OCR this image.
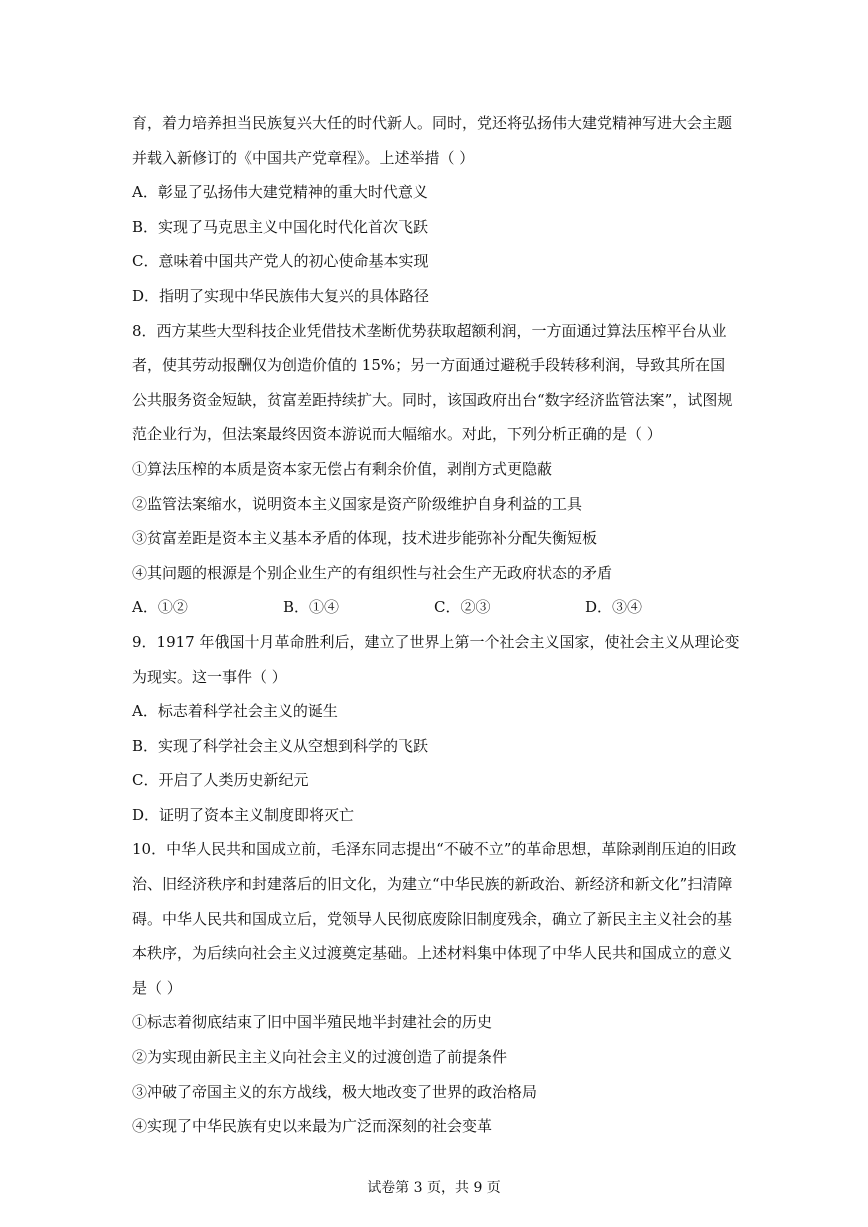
育，着力培养担当民族复兴大任的时代新人。同时，党还将弘扬伟大建党精神写进大会主题
并载入新修订的《中国共产党章程》。上述举措（ ）
A．彰显了弘扬伟大建党精神的重大时代意义
B．实现了马克思主义中国化时代化首次飞跃
C．意味着中国共产党人的初心使命基本实现
D．指明了实现中华民族伟大复兴的具体路径
8．西方某些大型科技企业凭借技术垄断优势获取超额利润，一方面通过算法压榨平台从业
者，使其劳动报酬仅为创造价值的 15%；另一方面通过避税手段转移利润，导致其所在国
公共服务资金短缺，贫富差距持续扩大。同时，该国政府出台“数字经济监管法案”，试图规
范企业行为，但法案最终因资本游说而大幅缩水。对此，下列分析正确的是（ ）
①算法压榨的本质是资本家无偿占有剩余价值，剥削方式更隐蔽
②监管法案缩水，说明资本主义国家是资产阶级维护自身利益的工具
③贫富差距是资本主义基本矛盾的体现，技术进步能弥补分配失衡短板
④其问题的根源是个别企业生产的有组织性与社会生产无政府状态的矛盾
A．①②	B．①④	C．②③	D．③④
9．1917 年俄国十月革命胜利后，建立了世界上第一个社会主义国家，使社会主义从理论变
为现实。这一事件（ ）
A．标志着科学社会主义的诞生
B．实现了科学社会主义从空想到科学的飞跃
C．开启了人类历史新纪元
D．证明了资本主义制度即将灭亡
10．中华人民共和国成立前，毛泽东同志提出“不破不立”的革命思想，革除剥削压迫的旧政
治、旧经济秩序和封建落后的旧文化，为建立“中华民族的新政治、新经济和新文化”扫清障
碍。中华人民共和国成立后，党领导人民彻底废除旧制度残余，确立了新民主主义社会的基
本秩序，为后续向社会主义过渡奠定基础。上述材料集中体现了中华人民共和国成立的意义
是（ ）
①标志着彻底结束了旧中国半殖民地半封建社会的历史
②为实现由新民主主义向社会主义的过渡创造了前提条件
③冲破了帝国主义的东方战线，极大地改变了世界的政治格局
④实现了中华民族有史以来最为广泛而深刻的社会变革
试卷第 3 页，共 9 页
